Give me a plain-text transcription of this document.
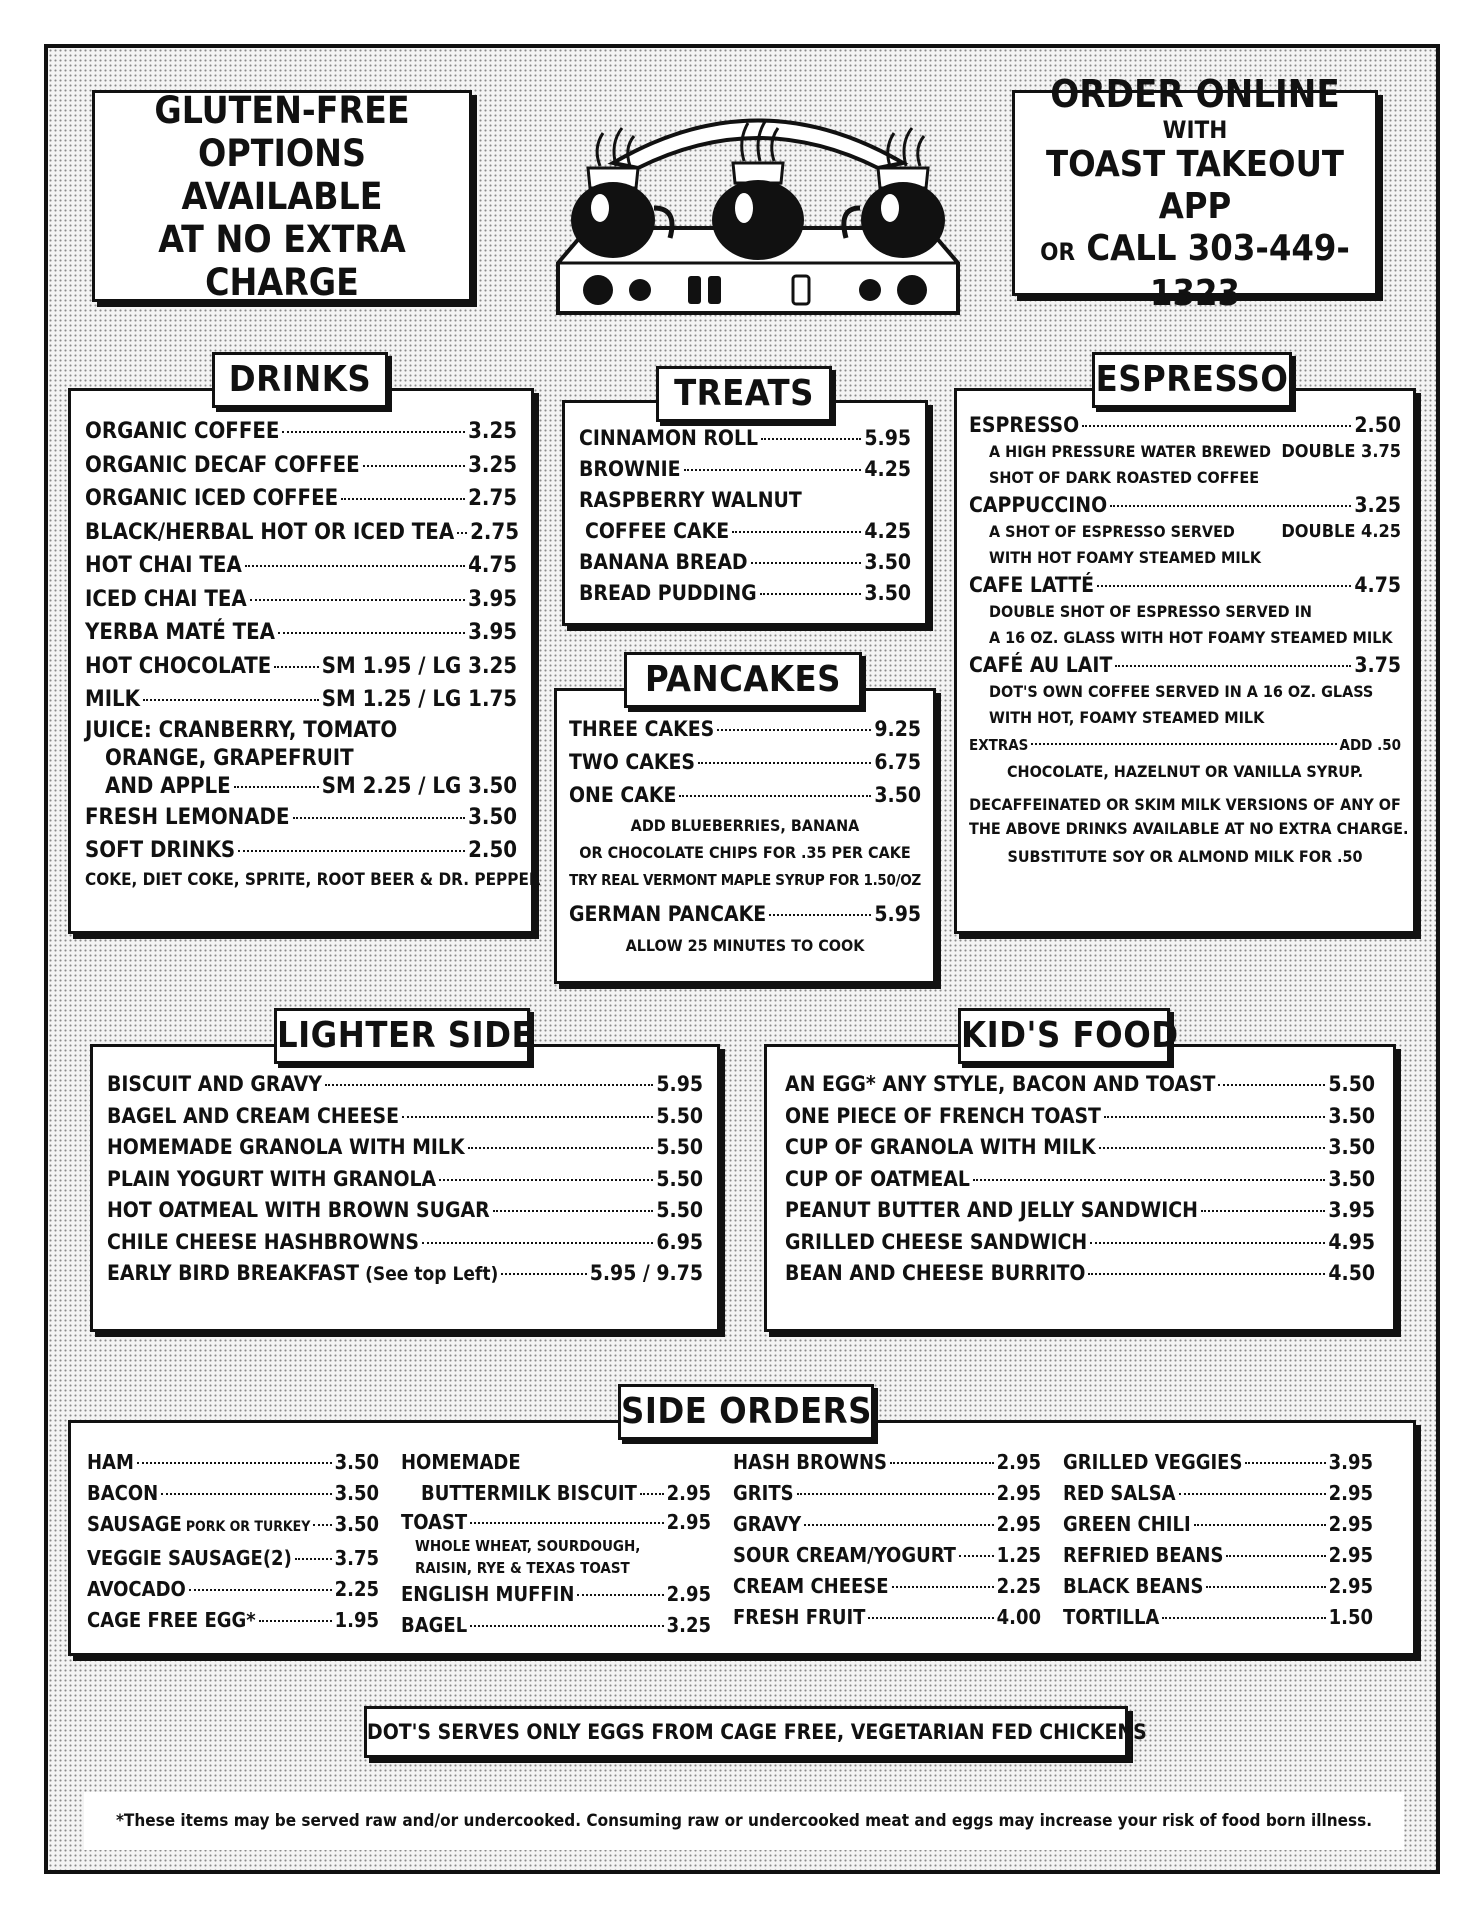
GLUTEN-FREE
OPTIONS AVAILABLE
AT NO EXTRA CHARGE
ORDER ONLINE
WITH
TOAST TAKEOUT APP
OR CALL 303-449-1323
DRINKS
ORGANIC COFFEE	3.25
ORGANIC DECAF COFFEE	3.25
ORGANIC ICED COFFEE	2.75
BLACK/HERBAL HOT OR ICED TEA 2.75
HOT CHAI TEA	4.75
ICED CHAI TEA	3.95
YERBA MATÉ TEA	3.95
HOT CHOCOLATE SM 1.95 / LG 3.25
MILK	SM 1.25 / LG 1.75
JUICE: CRANBERRY, TOMATO
ORANGE, GRAPEFRUIT
AND APPLE	SM 2.25 / LG 3.50
FRESH LEMONADE	3.50
SOFT DRINKS	2.50
COKE, DIET COKE, SPRITE, ROOT BEER & DR. PEPPER
TREATS
CINNAMON ROLL	5.95
BROWNIE	4.25
RASPBERRY WALNUT
COFFEE CAKE	4.25
BANANA BREAD	3.50
BREAD PUDDING	3.50
PANCAKES
THREE CAKES	9.25
TWO CAKES	6.75
ONE CAKE	3.50
ADD BLUEBERRIES, BANANA
OR CHOCOLATE CHIPS FOR .35 PER CAKE
TRY REAL VERMONT MAPLE SYRUP FOR 1.50/OZ
GERMAN PANCAKE	5.95
ALLOW 25 MINUTES TO COOK
ESPRESSO
ESPRESSO	2.50
A HIGH PRESSURE WATER BREWED DOUBLE 3.75
SHOT OF DARK ROASTED COFFEE
CAPPUCCINO	3.25
A SHOT OF ESPRESSO SERVED	DOUBLE 4.25
WITH HOT FOAMY STEAMED MILK
CAFE LATTÉ	4.75
DOUBLE SHOT OF ESPRESSO SERVED IN
A 16 OZ. GLASS WITH HOT FOAMY STEAMED MILK
CAFÉ AU LAIT	3.75
DOT'S OWN COFFEE SERVED IN A 16 OZ. GLASS
WITH HOT, FOAMY STEAMED MILK
EXTRAS	ADD .50
CHOCOLATE, HAZELNUT OR VANILLA SYRUP.
DECAFFEINATED OR SKIM MILK VERSIONS OF ANY OF
THE ABOVE DRINKS AVAILABLE AT NO EXTRA CHARGE.
SUBSTITUTE SOY OR ALMOND MILK FOR .50
LIGHTER SIDE
BISCUIT AND GRAVY	5.95
BAGEL AND CREAM CHEESE	5.50
HOMEMADE GRANOLA WITH MILK	5.50
PLAIN YOGURT WITH GRANOLA	5.50
HOT OATMEAL WITH BROWN SUGAR	5.50
CHILE CHEESE HASHBROWNS	6.95
EARLY BIRD BREAKFAST (See top Left)	5.95 / 9.75
KID'S FOOD
AN EGG* ANY STYLE, BACON AND TOAST	5.50
ONE PIECE OF FRENCH TOAST	3.50
CUP OF GRANOLA WITH MILK	3.50
CUP OF OATMEAL	3.50
PEANUT BUTTER AND JELLY SANDWICH	3.95
GRILLED CHEESE SANDWICH	4.95
BEAN AND CHEESE BURRITO	4.50
SIDE ORDERS
HAM	3.50
BACON	3.50
SAUSAGE PORK OR TURKEY 3.50
VEGGIE SAUSAGE(2) 3.75
AVOCADO	2.25
CAGE FREE EGG*	1.95
HOMEMADE
BUTTERMILK BISCUIT 2.95
TOAST	2.95
WHOLE WHEAT, SOURDOUGH,
RAISIN, RYE & TEXAS TOAST
ENGLISH MUFFIN	2.95
BAGEL	3.25
HASH BROWNS	2.95
GRITS	2.95
GRAVY	2.95
SOUR CREAM/YOGURT 1.25
CREAM CHEESE	2.25
FRESH FRUIT	4.00
GRILLED VEGGIES	3.95
RED SALSA	2.95
GREEN CHILI	2.95
REFRIED BEANS	2.95
BLACK BEANS	2.95
TORTILLA	1.50
DOT'S SERVES ONLY EGGS FROM CAGE FREE, VEGETARIAN FED CHICKENS
*These items may be served raw and/or undercooked. Consuming raw or undercooked meat and eggs may increase your risk of food born illness.
